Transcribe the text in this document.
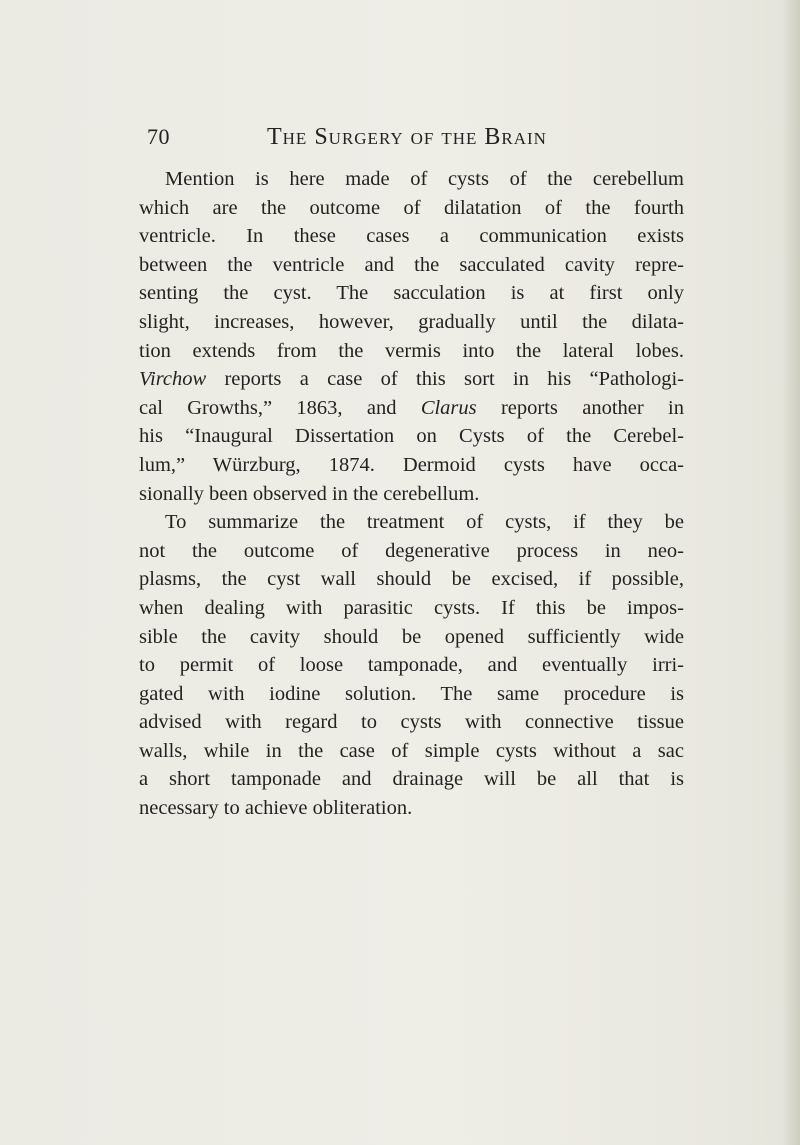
70	The Surgery of the Brain
Mention is here made of cysts of the cerebellum
which are the outcome of dilatation of the fourth
ventricle. In these cases a communication exists
between the ventricle and the sacculated cavity repre-
senting the cyst. The sacculation is at first only
slight, increases, however, gradually until the dilata-
tion extends from the vermis into the lateral lobes.
Virchow reports a case of this sort in his “Pathologi-
cal Growths,” 1863, and Clarus reports another in
his “Inaugural Dissertation on Cysts of the Cerebel-
lum,” Würzburg, 1874. Dermoid cysts have occa-
sionally been observed in the cerebellum.
To summarize the treatment of cysts, if they be
not the outcome of degenerative process in neo-
plasms, the cyst wall should be excised, if possible,
when dealing with parasitic cysts. If this be impos-
sible the cavity should be opened sufficiently wide
to permit of loose tamponade, and eventually irri-
gated with iodine solution. The same procedure is
advised with regard to cysts with connective tissue
walls, while in the case of simple cysts without a sac
a short tamponade and drainage will be all that is
necessary to achieve obliteration.
